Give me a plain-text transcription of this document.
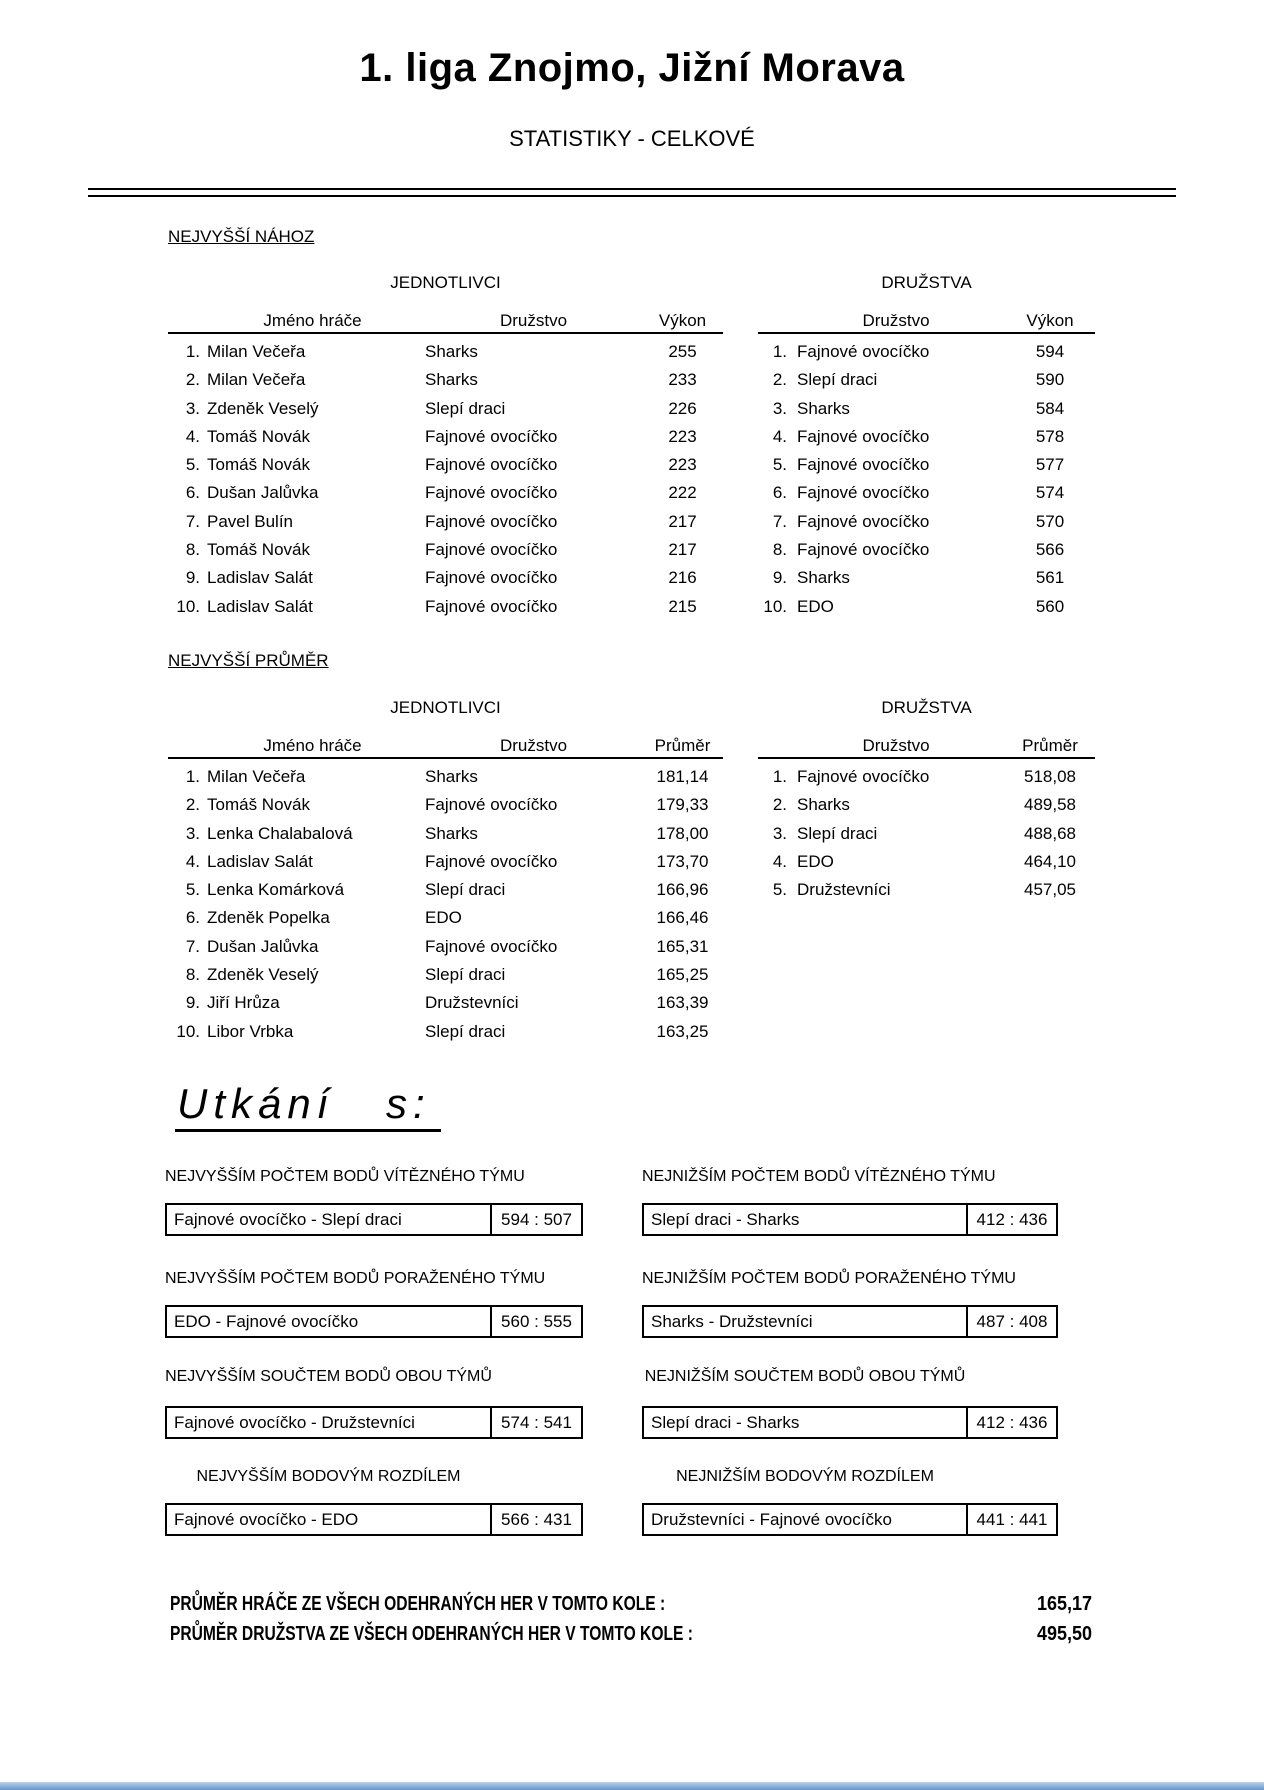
1. liga Znojmo, Jižní Morava
STATISTIKY - CELKOVÉ
NEJVYŠŠÍ NÁHOZ
JEDNOTLIVCI
Jméno hráče	Družstvo	Výkon
1. Milan Večeřa	Sharks	255
2. Milan Večeřa	Sharks	233
3. Zdeněk Veselý	Slepí draci	226
4. Tomáš Novák	Fajnové ovocíčko	223
5. Tomáš Novák	Fajnové ovocíčko	223
6. Dušan Jalůvka	Fajnové ovocíčko	222
7. Pavel Bulín	Fajnové ovocíčko	217
8. Tomáš Novák	Fajnové ovocíčko	217
9. Ladislav Salát	Fajnové ovocíčko	216
10. Ladislav Salát	Fajnové ovocíčko	215
DRUŽSTVA
Družstvo	Výkon
1. Fajnové ovocíčko	594
2. Slepí draci	590
3. Sharks	584
4. Fajnové ovocíčko	578
5. Fajnové ovocíčko	577
6. Fajnové ovocíčko	574
7. Fajnové ovocíčko	570
8. Fajnové ovocíčko	566
9. Sharks	561
10. EDO	560
NEJVYŠŠÍ PRŮMĚR
JEDNOTLIVCI
Jméno hráče	Družstvo	Průměr
1. Milan Večeřa	Sharks	181,14
2. Tomáš Novák	Fajnové ovocíčko	179,33
3. Lenka Chalabalová	Sharks	178,00
4. Ladislav Salát	Fajnové ovocíčko	173,70
5. Lenka Komárková	Slepí draci	166,96
6. Zdeněk Popelka	EDO	166,46
7. Dušan Jalůvka	Fajnové ovocíčko	165,31
8. Zdeněk Veselý	Slepí draci	165,25
9. Jiří Hrůza	Družstevníci	163,39
10. Libor Vrbka	Slepí draci	163,25
DRUŽSTVA
Družstvo	Průměr
1. Fajnové ovocíčko	518,08
2. Sharks	489,58
3. Slepí draci	488,68
4. EDO	464,10
5. Družstevníci	457,05
Utkání s:
NEJVYŠŠÍM POČTEM BODŮ VÍTĚZNÉHO TÝMU
Fajnové ovocíčko - Slepí draci	594 : 507
NEJNIŽŠÍM POČTEM BODŮ VÍTĚZNÉHO TÝMU
Slepí draci - Sharks	412 : 436
NEJVYŠŠÍM POČTEM BODŮ PORAŽENÉHO TÝMU
EDO - Fajnové ovocíčko	560 : 555
NEJNIŽŠÍM POČTEM BODŮ PORAŽENÉHO TÝMU
Sharks - Družstevníci	487 : 408
NEJVYŠŠÍM SOUČTEM BODŮ OBOU TÝMŮ
Fajnové ovocíčko - Družstevníci	574 : 541
NEJNIŽŠÍM SOUČTEM BODŮ OBOU TÝMŮ
Slepí draci - Sharks	412 : 436
NEJVYŠŠÍM BODOVÝM ROZDÍLEM
Fajnové ovocíčko - EDO	566 : 431
NEJNIŽŠÍM BODOVÝM ROZDÍLEM
Družstevníci - Fajnové ovocíčko	441 : 441
PRŮMĚR HRÁČE ZE VŠECH ODEHRANÝCH HER V TOMTO KOLE :	165,17
PRŮMĚR DRUŽSTVA ZE VŠECH ODEHRANÝCH HER V TOMTO KOLE :	495,50
